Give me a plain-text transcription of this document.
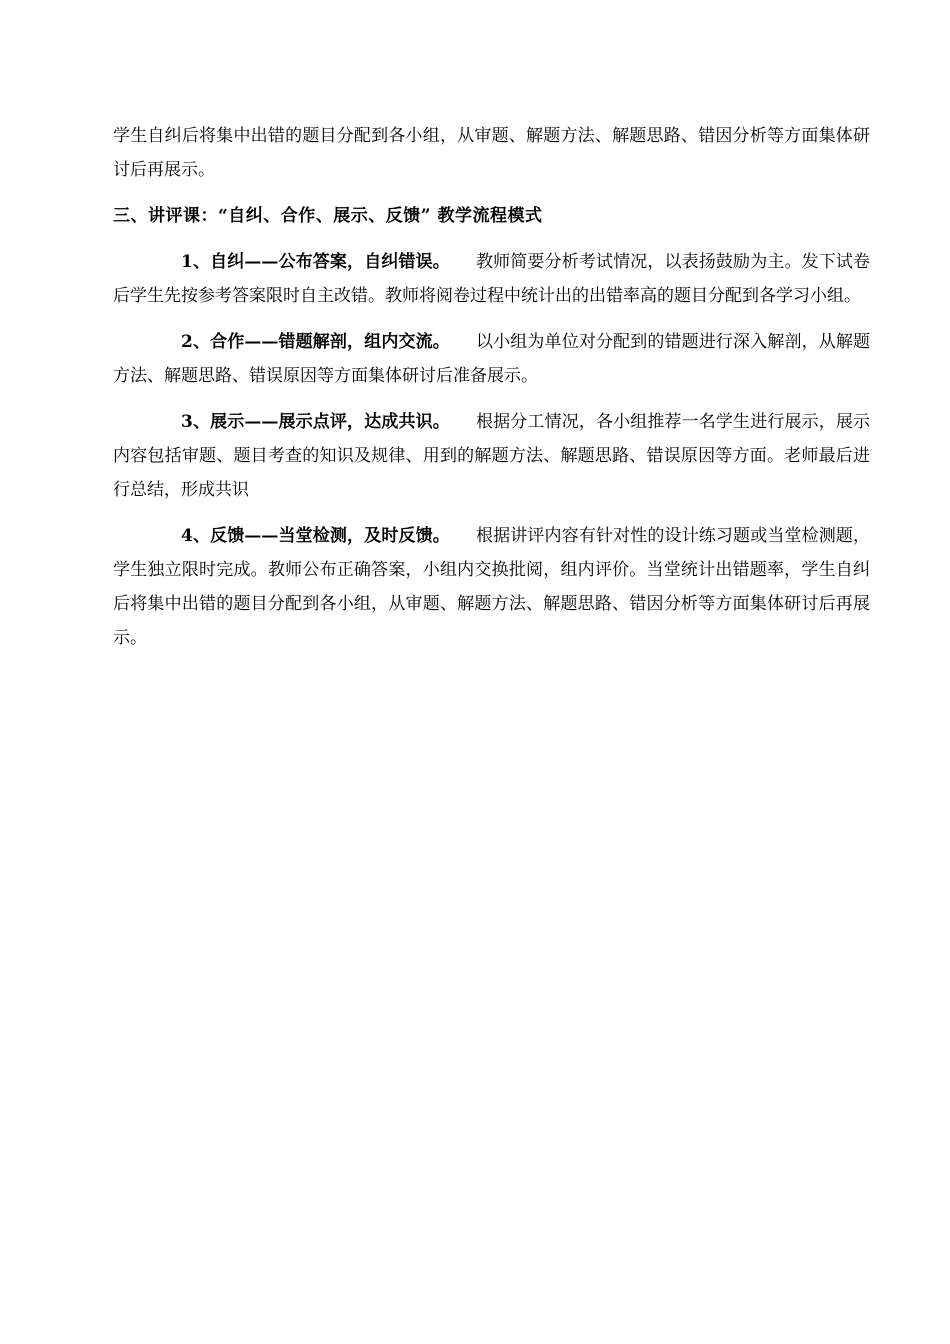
学生自纠后将集中出错的题目分配到各小组，从审题、解题方法、解题思路、错因分析等方面集体研讨后再展示。

三、讲评课：“自纠、合作、展示、反馈” 教学流程模式

1、自纠——公布答案，自纠错误。 教师简要分析考试情况，以表扬鼓励为主。发下试卷后学生先按参考答案限时自主改错。教师将阅卷过程中统计出的出错率高的题目分配到各学习小组。

2、合作——错题解剖，组内交流。 以小组为单位对分配到的错题进行深入解剖，从解题方法、解题思路、错误原因等方面集体研讨后准备展示。

3、展示——展示点评，达成共识。 根据分工情况，各小组推荐一名学生进行展示，展示内容包括审题、题目考查的知识及规律、用到的解题方法、解题思路、错误原因等方面。老师最后进行总结，形成共识

4、反馈——当堂检测，及时反馈。 根据讲评内容有针对性的设计练习题或当堂检测题，学生独立限时完成。教师公布正确答案，小组内交换批阅，组内评价。当堂统计出错题率，学生自纠后将集中出错的题目分配到各小组，从审题、解题方法、解题思路、错因分析等方面集体研讨后再展示。
